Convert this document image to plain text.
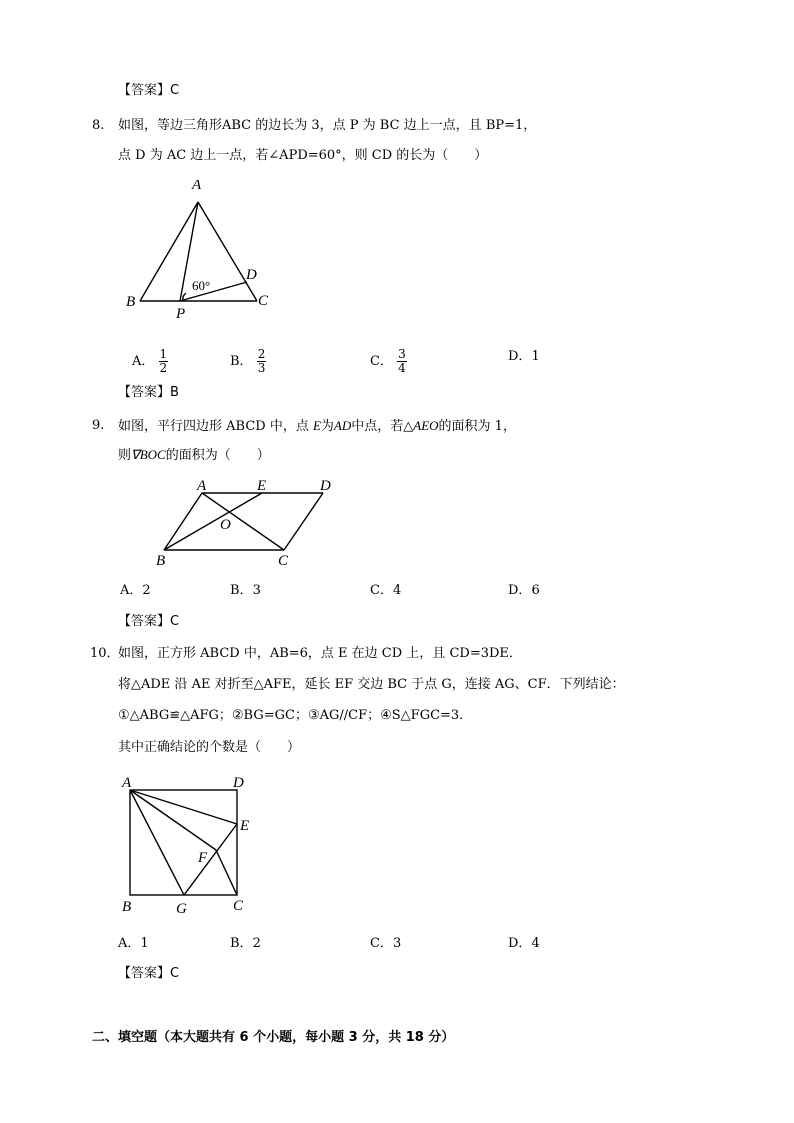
【答案】C
8. 如图，等边三角形ABC 的边长为 3，点 P 为 BC 边上一点，且 BP=1，
点 D 为 AC 边上一点，若∠APD=60°，则 CD 的长为（　　）
A
B	C
D
P
60°
A． $\frac{1}{2}$	B． $\frac{2}{3}$	C． $\frac{3}{4}$	D．1
【答案】B
9. 如图，平行四边形 ABCD 中，点 E为AD中点，若△AEO的面积为 1，
则∇BOC的面积为（　　）
A	E	D
O
B	C
A．2	B．3	C．4	D．6
【答案】C
10．
如图，正方形 ABCD 中，AB=6，点 E 在边 CD 上，且 CD=3DE．
将△ADE 沿 AE 对折至△AFE，延长 EF 交边 BC 于点 G，连接 AG、CF．下列结论：
①△ABG≌△AFG；②BG=GC；③AG//CF；④S△FGC=3．
其中正确结论的个数是（　　）
A	D
E
F
B	G	C
A．1	B．2	C．3	D．4
【答案】C
二、填空题（本大题共有 6 个小题，每小题 3 分，共 18 分）
